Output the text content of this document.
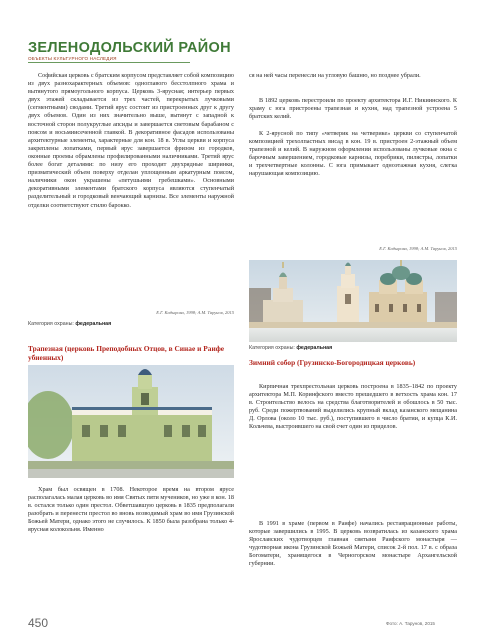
ЗЕЛЕНОДОЛЬСКИЙ РАЙОН
ОБЪЕКТЫ КУЛЬТУРНОГО НАСЛЕДИЯ

Софийская церковь с братским корпусом представляет собой композицию из двух разнохарактерных объемов: одноглавого бесстолпного храма и вытянутого прямоугольного корпуса. Церковь 3-ярусная; интерьер первых двух этажей складывается из трех частей, перекрытых лучковыми (сегментными) сводами. Третий ярус состоит из пристроенных друг к другу двух объемов. Один из них значительно выше, вытянут с западной к восточной сторон полукруглые апсиды и завершается световым барабаном с поясом и восьмиисеченной главкой. В декоративное фасадов использованы архитектурные элементы, характерные для кон. 18 в. Углы церкви и корпуса закреплены лопатками, первый ярус завершается фризом из городков, оконные проемы обрамлены профилированными наличниками. Третий ярус более богат деталями: по низу его проходит двухрядные ширинки, призматический объем поверху отделан уплощенным аркатурным поясом, наличники окон украшены «петушьими гребешками». Основными декоративными элементами братского корпуса являются ступенчатый разделительный и городковый венчающий карнизы. Все элементы наружной отделки соответствуют стилю барокко.

Е.Г. Кадырова, 1998; А.М. Тарунов, 2015
Категория охраны: федеральная

ся на ней часы перенесли на угловую башню, но позднее убрали.

В 1892 церковь перестроили по проекту архитектора И.Г. Никиинского. К храму с юга пристроены трапезная и кухня, над трапезной устроена 5 братских келий.

К 2-ярусной по типу «четверик на четверике» церкви со ступенчатой композицией трехолпастных висад в кон. 19 в. пристроен 2-этажный объем трапезной и келий. В наружном оформлении использованы лучковые окна с барочным завершением, городковые карнизы, поребрики, пилястры, лопатки и трехчетвертные колонны. С юга примыкает одноэтажная кухня, слегка нарушающая композицию.

Е.Г. Кадырова, 1998; А.М. Тарунов, 2015
Категория охраны: федеральная
Трапезная (церковь Преподобных Отцов, в Синае и Раифе убиенных)
Зимний собор (Грузинско-Богородицкая церковь)

Кирпичная трехпрестольная церковь построена в 1835–1842 по проекту архитектора М.П. Коринфского вместо прешедшего в ветхость храма кон. 17 в. Строительство велось на средства благотворителей и обошлось в 50 тыс. руб. Среди пожертвований выделились крупный вклад казанского мещанина Д. Орлова (около 10 тыс. руб.), поступившего в число братии, и купца К.И. Кольчева, выстроившего на свой счет один из приделов.

В 1991 в храме (первом в Раифе) начались реставрационные работы, которые завершились в 1995. В церковь возвратилась из казанского храма Ярославских чудотворцев главная святыня Раифского монастыря — чудотворная икона Грузинской Божьей Матери, список 2-й пол. 17 в. с образа Богоматери, хранящегося в Черногорском монастыре Архангельской губернии.

Храм был освящен в 1708. Некоторое время на втором ярусе располагалась малая церковь во имя Святых пяти мучеников, но уже в кон. 18 в. остался только один престол. Обветшавшую церковь в 1835 предполагали разобрать и перенести престол во вновь возводимый храм во имя Грузинской Божьей Матери, однако этого не случилось. К 1850 была разобрана только 4-ярусная колокольня. Именно

450	Фото: А. Тарунов, 2015
